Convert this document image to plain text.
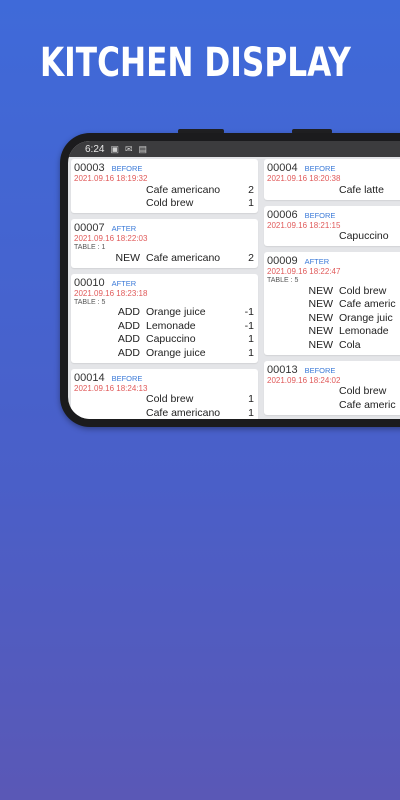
KITCHEN DISPLAY
6:24 ▣ ✉ ▤
00003 BEFORE
2021.09.16 18:19:32
Cafe americano	2
Cold brew	1
00007 AFTER
2021.09.16 18:22:03
TABLE : 1
NEW Cafe americano	2
00010 AFTER
2021.09.16 18:23:18
TABLE : 5
ADD Orange juice	-1
ADD Lemonade	-1
ADD Capuccino	1
ADD Orange juice	1
00014 BEFORE
2021.09.16 18:24:13
Cold brew	1
Cafe americano	1
00004 BEFORE
2021.09.16 18:20:38
Cafe latte
00006 BEFORE
2021.09.16 18:21:15
Capuccino
00009 AFTER
2021.09.16 18:22:47
TABLE : 5
NEW Cold brew
NEW Cafe americ
NEW Orange juic
NEW Lemonade
NEW Cola
00013 BEFORE
2021.09.16 18:24:02
Cold brew
Cafe americ
